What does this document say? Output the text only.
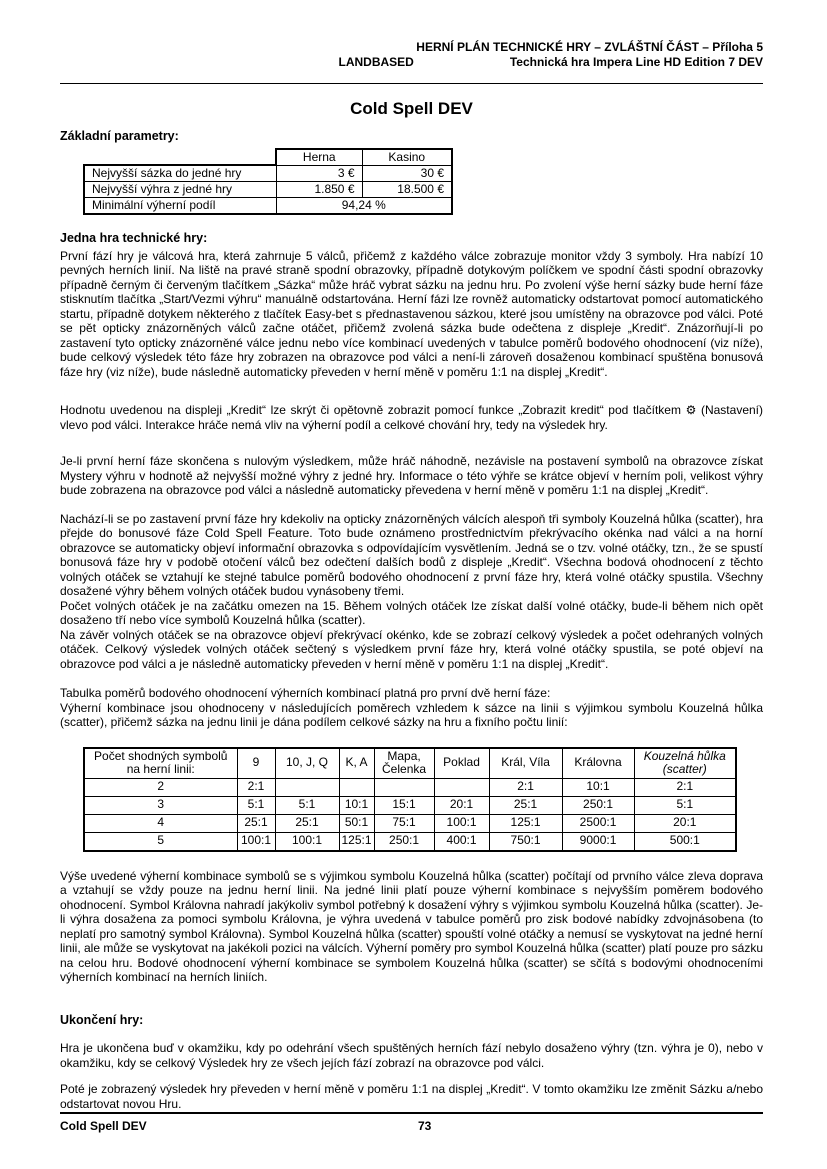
HERNÍ PLÁN TECHNICKÉ HRY – ZVLÁŠTNÍ ČÁST – Příloha 5
LANDBASED	Technická hra Impera Line HD Edition 7 DEV
Cold Spell DEV
Základní parametry:
	Herna	Kasino
Nejvyšší sázka do jedné hry	3 €	30 €
Nejvyšší výhra z jedné hry	1.850 €	18.500 €
Minimální výherní podíl	94,24 %	
Jedna hra technické hry:

První fází hry je válcová hra, která zahrnuje 5 válců, přičemž z každého válce zobrazuje monitor vždy 3 symboly. Hra nabízí 10 pevných herních linií. Na liště na pravé straně spodní obrazovky, případně dotykovým políčkem ve spodní části spodní obrazovky případně černým či červeným tlačítkem „Sázka“ může hráč vybrat sázku na jednu hru. Po zvolení výše herní sázky bude herní fáze stisknutím tlačítka „Start/Vezmi výhru“ manuálně odstartována. Herní fázi lze rovněž automaticky odstartovat pomocí automatického startu, případně dotykem některého z tlačítek Easy-bet s přednastavenou sázkou, které jsou umístěny na obrazovce pod válci. Poté se pět opticky znázorněných válců začne otáčet, přičemž zvolená sázka bude odečtena z displeje „Kredit“. Znázorňují-li po zastavení tyto opticky znázorněné válce jednu nebo více kombinací uvedených v tabulce poměrů bodového ohodnocení (viz níže), bude celkový výsledek této fáze hry zobrazen na obrazovce pod válci a není-li zároveň dosaženou kombinací spuštěna bonusová fáze hry (viz níže), bude následně automaticky převeden v herní měně v poměru 1:1 na displej „Kredit“.

Hodnotu uvedenou na displeji „Kredit“ lze skrýt či opětovně zobrazit pomocí funkce „Zobrazit kredit“ pod tlačítkem ⚙ (Nastavení) vlevo pod válci. Interakce hráče nemá vliv na výherní podíl a celkové chování hry, tedy na výsledek hry.

Je-li první herní fáze skončena s nulovým výsledkem, může hráč náhodně, nezávisle na postavení symbolů na obrazovce získat Mystery výhru v hodnotě až nejvyšší možné výhry z jedné hry. Informace o této výhře se krátce objeví v herním poli, velikost výhry bude zobrazena na obrazovce pod válci a následně automaticky převedena v herní měně v poměru 1:1 na displej „Kredit“.

Nachází-li se po zastavení první fáze hry kdekoliv na opticky znázorněných válcích alespoň tři symboly Kouzelná hůlka (scatter), hra přejde do bonusové fáze Cold Spell Feature. Toto bude oznámeno prostřednictvím překrývacího okénka nad válci a na horní obrazovce se automaticky objeví informační obrazovka s odpovídajícím vysvětlením. Jedná se o tzv. volné otáčky, tzn., že se spustí bonusová fáze hry v podobě otočení válců bez odečtení dalších bodů z displeje „Kredit“. Všechna bodová ohodnocení z těchto volných otáček se vztahují ke stejné tabulce poměrů bodového ohodnocení z první fáze hry, která volné otáčky spustila. Všechny dosažené výhry během volných otáček budou vynásobeny třemi.

Počet volných otáček je na začátku omezen na 15. Během volných otáček lze získat další volné otáčky, bude-li během nich opět dosaženo tří nebo více symbolů Kouzelná hůlka (scatter).

Na závěr volných otáček se na obrazovce objeví překrývací okénko, kde se zobrazí celkový výsledek a počet odehraných volných otáček. Celkový výsledek volných otáček sečtený s výsledkem první fáze hry, která volné otáčky spustila, se poté objeví na obrazovce pod válci a je následně automaticky převeden v herní měně v poměru 1:1 na displej „Kredit“.

Tabulka poměrů bodového ohodnocení výherních kombinací platná pro první dvě herní fáze:

Výherní kombinace jsou ohodnoceny v následujících poměrech vzhledem k sázce na linii s výjimkou symbolu Kouzelná hůlka (scatter), přičemž sázka na jednu linii je dána podílem celkové sázky na hru a fixního počtu linií:

Počet shodných symbolů na herní linii:	9	10, J, Q	K, A	Mapa, Čelenka	Poklad	Král, Víla	Královna	Kouzelná hůlka (scatter)
2	2:1					2:1	10:1	2:1
3	5:1	5:1	10:1	15:1	20:1	25:1	250:1	5:1
4	25:1	25:1	50:1	75:1	100:1	125:1	2500:1	20:1
5	100:1	100:1	125:1	250:1	400:1	750:1	9000:1	500:1

Výše uvedené výherní kombinace symbolů se s výjimkou symbolu Kouzelná hůlka (scatter) počítají od prvního válce zleva doprava a vztahují se vždy pouze na jednu herní linii. Na jedné linii platí pouze výherní kombinace s nejvyšším poměrem bodového ohodnocení. Symbol Královna nahradí jakýkoliv symbol potřebný k dosažení výhry s výjimkou symbolu Kouzelná hůlka (scatter). Je-li výhra dosažena za pomoci symbolu Královna, je výhra uvedená v tabulce poměrů pro zisk bodové nabídky zdvojnásobena (to neplatí pro samotný symbol Královna). Symbol Kouzelná hůlka (scatter) spouští volné otáčky a nemusí se vyskytovat na jedné herní linii, ale může se vyskytovat na jakékoli pozici na válcích. Výherní poměry pro symbol Kouzelná hůlka (scatter) platí pouze pro sázku na celou hru. Bodové ohodnocení výherní kombinace se symbolem Kouzelná hůlka (scatter) se sčítá s bodovými ohodnoceními výherních kombinací na herních liniích.

Ukončení hry:

Hra je ukončena buď v okamžiku, kdy po odehrání všech spuštěných herních fází nebylo dosaženo výhry (tzn. výhra je 0), nebo v okamžiku, kdy se celkový Výsledek hry ze všech jejích fází zobrazí na obrazovce pod válci.

Poté je zobrazený výsledek hry převeden v herní měně v poměru 1:1 na displej „Kredit“. V tomto okamžiku lze změnit Sázku a/nebo odstartovat novou Hru.

Cold Spell DEV	73
